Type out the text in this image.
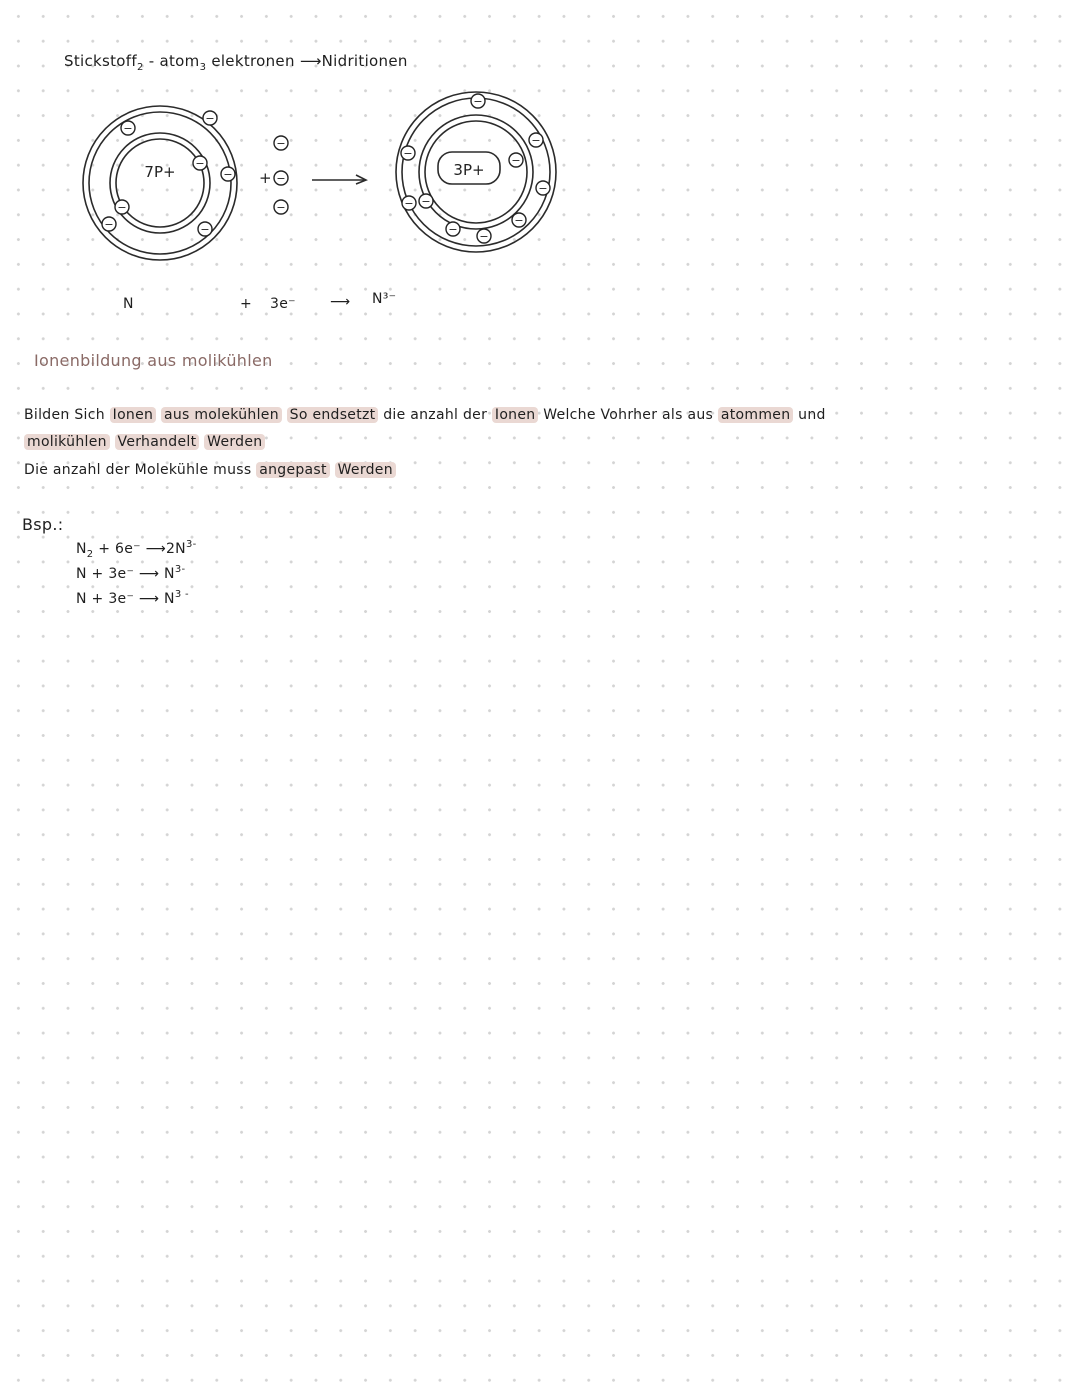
Stickstoff$_2$ - atom$_3$ elektronen ⟶Nidritionen
7P+	3P+
+
−
−
−
−	−
−
−
−
−
−
−
−
−
−
−
− −
−
−
−
N	+ 3e⁻ ⟶ N³⁻
Ionenbildung aus molikühlen
Bilden Sich Ionen aus molekühlen So endsetzt die anzahl der Ionen Welche Vohrher als aus atommen und
molikühlen Verhandelt Werden
Die anzahl der Molekühle muss angepast Werden
Bsp.:
$N_2 + 6e^-$ $⟶2N^{3-}$
N + 3e⁻ ⟶ $N^{3-}$
N + 3e⁻ ⟶ $N^{3 -}$
